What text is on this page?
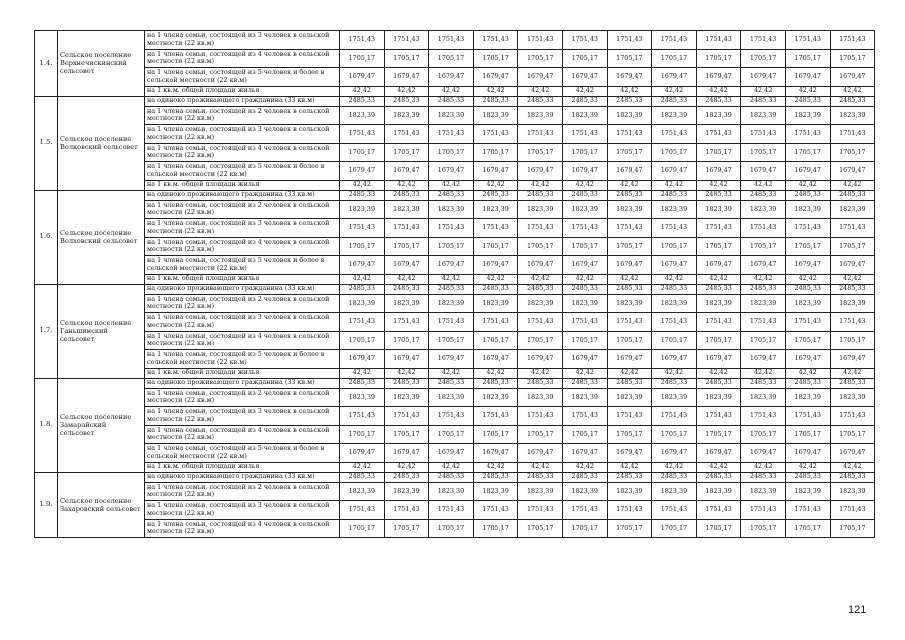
1.4.	Сельское поселение Верхнечискинский сельсовет	на 1 члена семьи, состоящей из 3 человек в сельской местности (22 кв.м)	1751,43	1751,43	1751,43	1751,43	1751,43	1751,43	1751,43	1751,43	1751,43	1751,43	1751,43	1751,43
		на 1 члена семьи, состоящей из 4 человек в сельской местности (22 кв.м)	1705,17	1705,17	1705,17	1705,17	1705,17	1705,17	1705,17	1705,17	1705,17	1705,17	1705,17	1705,17
		на 1 члена семьи, состоящей из 5 человек и более в сельской местности (22 кв.м)	1679,47	1679,47	1679,47	1679,47	1679,47	1679,47	1679,47	1679,47	1679,47	1679,47	1679,47	1679,47
		на 1 кв.м. общей площади жилья	42,42	42,42	42,42	42,42	42,42	42,42	42,42	42,42	42,42	42,42	42,42	42,42
1.5.	Сельское поселение Волковский сельсовет	на одиноко проживающего гражданина (33 кв.м)	2485,33	2485,33	2485,33	2485,33	2485,33	2485,33	2485,33	2485,33	2485,33	2485,33	2485,33	2485,33
		на 1 члена семьи, состоящей из 2 человек в сельской местности (22 кв.м)	1823,39	1823,39	1823,39	1823,39	1823,39	1823,39	1823,39	1823,39	1823,39	1823,39	1823,39	1823,39
		на 1 члена семьи, состоящей из 3 человек в сельской местности (22 кв.м)	1751,43	1751,43	1751,43	1751,43	1751,43	1751,43	1751,43	1751,43	1751,43	1751,43	1751,43	1751,43
		на 1 члена семьи, состоящей из 4 человек в сельской местности (22 кв.м)	1705,17	1705,17	1705,17	1705,17	1705,17	1705,17	1705,17	1705,17	1705,17	1705,17	1705,17	1705,17
		на 1 члена семьи, состоящей из 5 человек и более в сельской местности (22 кв.м)	1679,47	1679,47	1679,47	1679,47	1679,47	1679,47	1679,47	1679,47	1679,47	1679,47	1679,47	1679,47
		на 1 кв.м. общей площади жилья	42,42	42,42	42,42	42,42	42,42	42,42	42,42	42,42	42,42	42,42	42,42	42,42
1.6.	Сельское поселение Волховский сельсовет	на одиноко проживающего гражданина (33 кв.м)	2485,33	2485,33	2485,33	2485,33	2485,33	2485,33	2485,33	2485,33	2485,33	2485,33	2485,33	2485,33
		на 1 члена семьи, состоящей из 2 человек в сельской местности (22 кв.м)	1823,39	1823,39	1823,39	1823,39	1823,39	1823,39	1823,39	1823,39	1823,39	1823,39	1823,39	1823,39
		на 1 члена семьи, состоящей из 3 человек в сельской местности (22 кв.м)	1751,43	1751,43	1751,43	1751,43	1751,43	1751,43	1751,43	1751,43	1751,43	1751,43	1751,43	1751,43
		на 1 члена семьи, состоящей из 4 человек в сельской местности (22 кв.м)	1705,17	1705,17	1705,17	1705,17	1705,17	1705,17	1705,17	1705,17	1705,17	1705,17	1705,17	1705,17
		на 1 члена семьи, состоящей из 5 человек и более в сельской местности (22 кв.м)	1679,47	1679,47	1679,47	1679,47	1679,47	1679,47	1679,47	1679,47	1679,47	1679,47	1679,47	1679,47
		на 1 кв.м. общей площади жилья	42,42	42,42	42,42	42,42	42,42	42,42	42,42	42,42	42,42	42,42	42,42	42,42
1.7.	Сельское поселение Ганьшинский сельсовет	на одиноко проживающего гражданина (33 кв.м)	2485,33	2485,33	2485,33	2485,33	2485,33	2485,33	2485,33	2485,33	2485,33	2485,33	2485,33	2485,33
		на 1 члена семьи, состоящей из 2 человек в сельской местности (22 кв.м)	1823,39	1823,39	1823,39	1823,39	1823,39	1823,39	1823,39	1823,39	1823,39	1823,39	1823,39	1823,39
		на 1 члена семьи, состоящей из 3 человек в сельской местности (22 кв.м)	1751,43	1751,43	1751,43	1751,43	1751,43	1751,43	1751,43	1751,43	1751,43	1751,43	1751,43	1751,43
		на 1 члена семьи, состоящей из 4 человек в сельской местности (22 кв.м)	1705,17	1705,17	1705,17	1705,17	1705,17	1705,17	1705,17	1705,17	1705,17	1705,17	1705,17	1705,17
		на 1 члена семьи, состоящей из 5 человек и более в сельской местности (22 кв.м)	1679,47	1679,47	1679,47	1679,47	1679,47	1679,47	1679,47	1679,47	1679,47	1679,47	1679,47	1679,47
		на 1 кв.м. общей площади жилья	42,42	42,42	42,42	42,42	42,42	42,42	42,42	42,42	42,42	42,42	42,42	42,42
1.8.	Сельское поселение Замарайский сельсовет	на одиноко проживающего гражданина (33 кв.м)	2485,33	2485,33	2485,33	2485,33	2485,33	2485,33	2485,33	2485,33	2485,33	2485,33	2485,33	2485,33
		на 1 члена семьи, состоящей из 2 человек в сельской местности (22 кв.м)	1823,39	1823,39	1823,39	1823,39	1823,39	1823,39	1823,39	1823,39	1823,39	1823,39	1823,39	1823,39
		на 1 члена семьи, состоящей из 3 человек в сельской местности (22 кв.м)	1751,43	1751,43	1751,43	1751,43	1751,43	1751,43	1751,43	1751,43	1751,43	1751,43	1751,43	1751,43
		на 1 члена семьи, состоящей из 4 человек в сельской местности (22 кв.м)	1705,17	1705,17	1705,17	1705,17	1705,17	1705,17	1705,17	1705,17	1705,17	1705,17	1705,17	1705,17
		на 1 члена семьи, состоящей из 5 человек и более в сельской местности (22 кв.м)	1679,47	1679,47	1679,47	1679,47	1679,47	1679,47	1679,47	1679,47	1679,47	1679,47	1679,47	1679,47
		на 1 кв.м. общей площади жилья	42,42	42,42	42,42	42,42	42,42	42,42	42,42	42,42	42,42	42,42	42,42	42,42
1.9.	Сельское поселение Захаровский сельсовет	на одиноко проживающего гражданина (33 кв.м)	2485,33	2485,33	2485,33	2485,33	2485,33	2485,33	2485,33	2485,33	2485,33	2485,33	2485,33	2485,33
		на 1 члена семьи, состоящей из 2 человек в сельской местности (22 кв.м)	1823,39	1823,39	1823,39	1823,39	1823,39	1823,39	1823,39	1823,39	1823,39	1823,39	1823,39	1823,39
		на 1 члена семьи, состоящей из 3 человек в сельской местности (22 кв.м)	1751,43	1751,43	1751,43	1751,43	1751,43	1751,43	1751,43	1751,43	1751,43	1751,43	1751,43	1751,43
		на 1 члена семьи, состоящей из 4 человек в сельской местности (22 кв.м)	1705,17	1705,17	1705,17	1705,17	1705,17	1705,17	1705,17	1705,17	1705,17	1705,17	1705,17	1705,17
121
